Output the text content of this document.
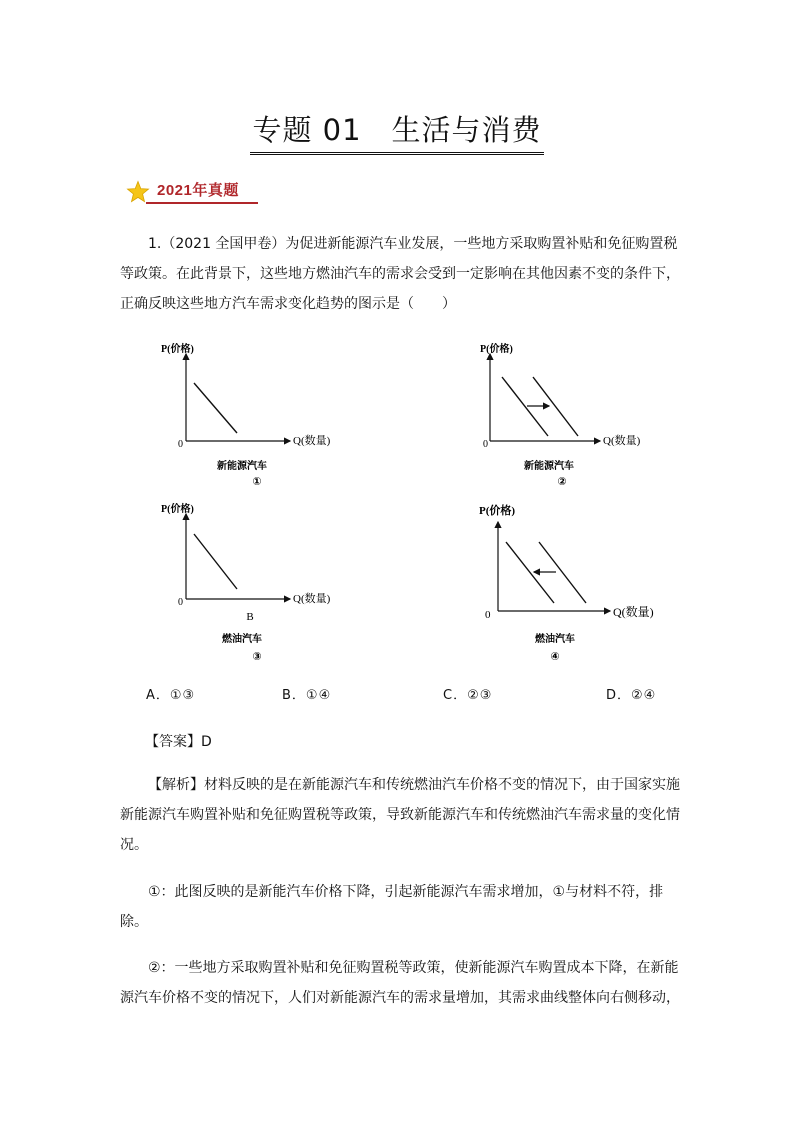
专题 01　生活与消费
2021年真题
1.（2021 全国甲卷）为促进新能源汽车业发展，一些地方采取购置补贴和免征购置税等政策。在此背景下，这些地方燃油汽车的需求会受到一定影响在其他因素不变的条件下，正确反映这些地方汽车需求变化趋势的图示是（　　）
P(价格)
Q(数量)
0
新能源汽车
①
P(价格)
Q(数量)
0
新能源汽车
②
P(价格)
Q(数量)
0
B
燃油汽车
③
P(价格)
Q(数量)
0
燃油汽车
④
A．①③	B．①④	C．②③	D．②④
【答案】D
【解析】材料反映的是在新能源汽车和传统燃油汽车价格不变的情况下，由于国家实施新能源汽车购置补贴和免征购置税等政策，导致新能源汽车和传统燃油汽车需求量的变化情况。
①：此图反映的是新能汽车价格下降，引起新能源汽车需求增加，①与材料不符，排除。
②：一些地方采取购置补贴和免征购置税等政策，使新能源汽车购置成本下降，在新能源汽车价格不变的情况下，人们对新能源汽车的需求量增加，其需求曲线整体向右侧移动，
